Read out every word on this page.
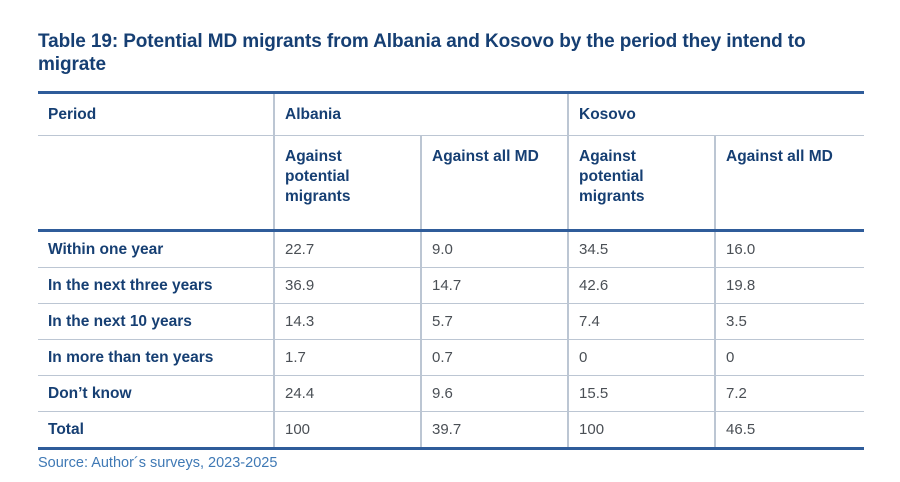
Table 19: Potential MD migrants from Albania and Kosovo by the period they intend to migrate
Period	Albania		Kosovo	
	Against potential migrants	Against all MD	Against potential migrants	Against all MD
Within one year	22.7	9.0	34.5	16.0
In the next three years	36.9	14.7	42.6	19.8
In the next 10 years	14.3	5.7	7.4	3.5
In more than ten years	1.7	0.7	0	0
Don’t know	24.4	9.6	15.5	7.2
Total	100	39.7	100	46.5
Source: Author´s surveys, 2023-2025
